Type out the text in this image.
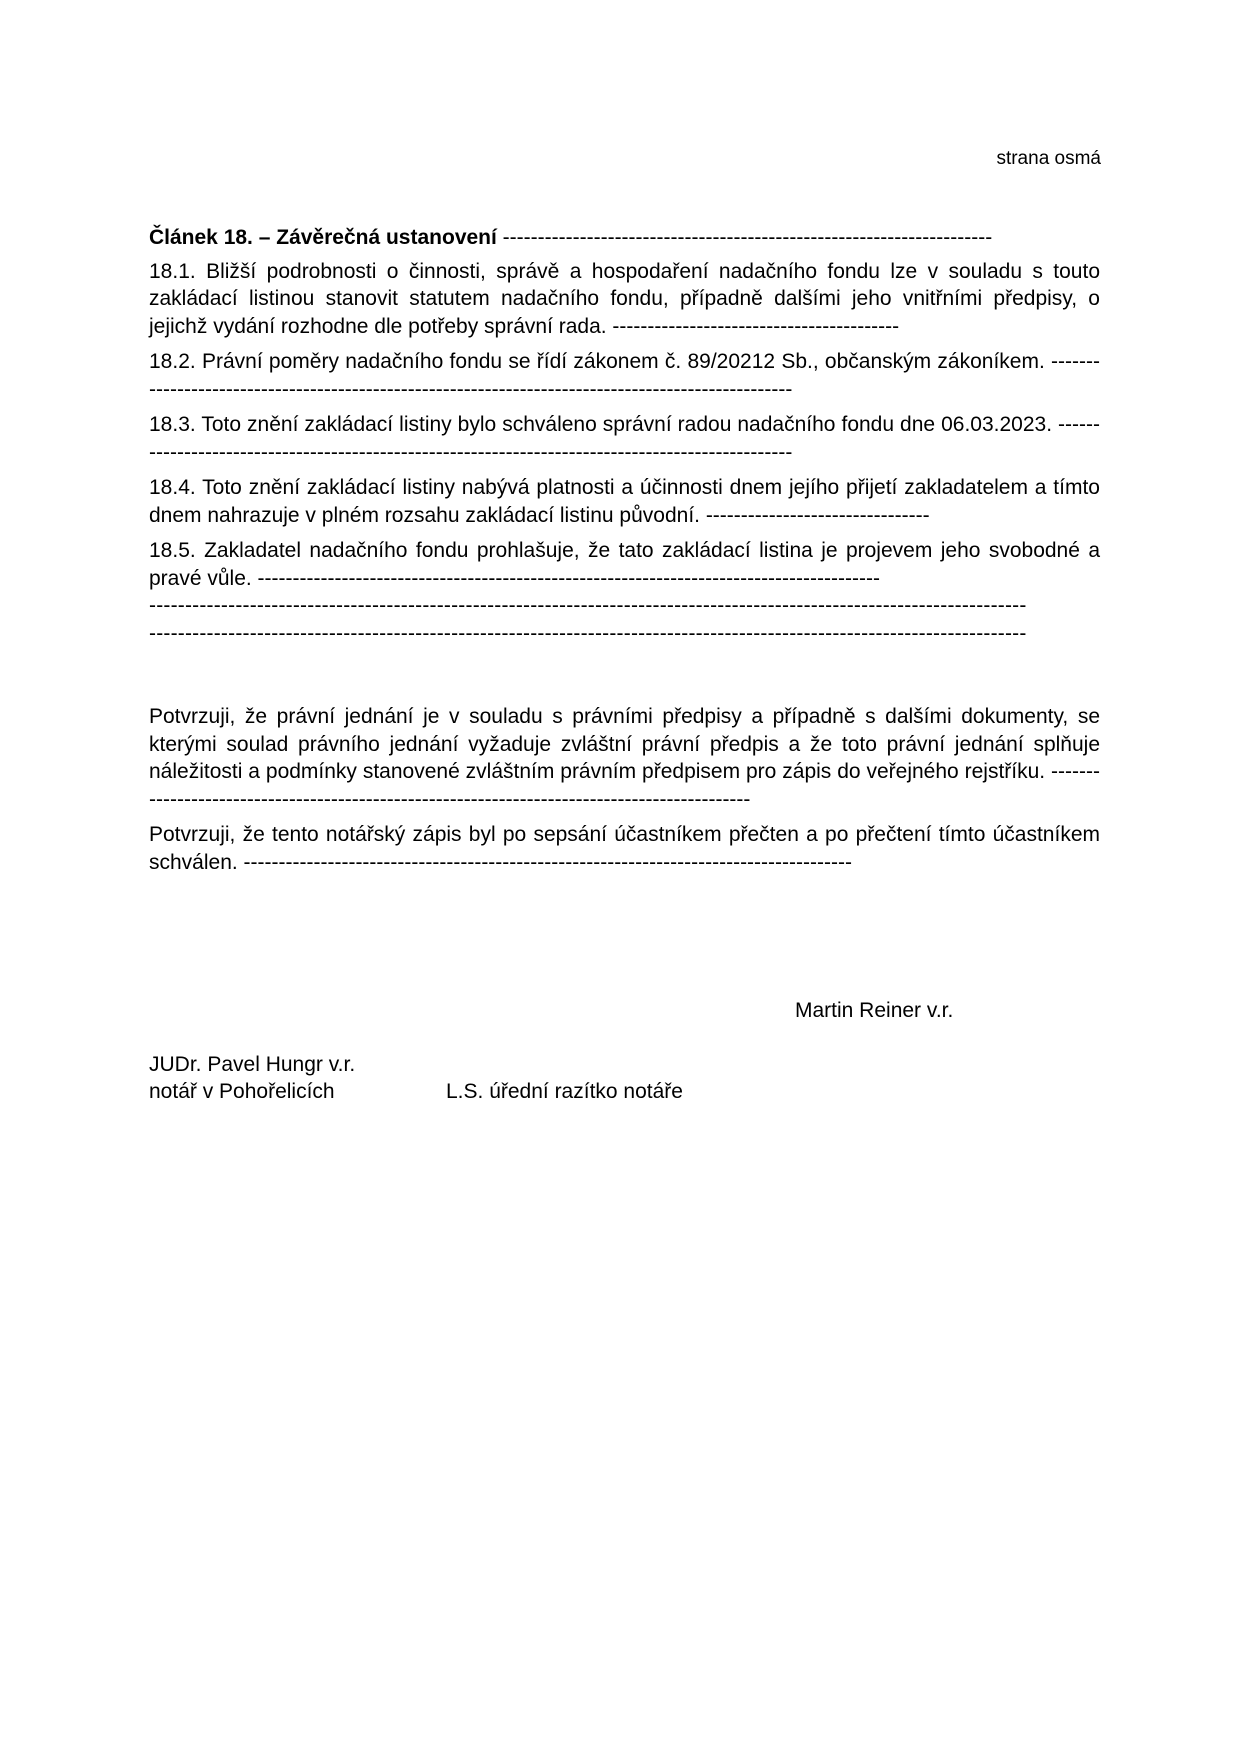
strana osmá

Článek 18. – Závěrečná ustanovení ----------------------------------------------------------------------

18.1. Bližší podrobnosti o činnosti, správě a hospodaření nadačního fondu lze v souladu s touto zakládací listinou stanovit statutem nadačního fondu, případně dalšími jeho vnitřními předpisy, o jejichž vydání rozhodne dle potřeby správní rada. -----------------------------------------

18.2. Právní poměry nadačního fondu se řídí zákonem č. 89/20212 Sb., občanským zákoníkem. ---------------------------------------------------------------------------------------------------

18.3. Toto znění zakládací listiny bylo schváleno správní radou nadačního fondu dne 06.03.2023. --------------------------------------------------------------------------------------------------

18.4. Toto znění zakládací listiny nabývá platnosti a účinnosti dnem jejího přijetí zakladatelem a tímto dnem nahrazuje v plném rozsahu zakládací listinu původní. --------------------------------

18.5. Zakladatel nadačního fondu prohlašuje, že tato zakládací listina je projevem jeho svobodné a pravé vůle. -----------------------------------------------------------------------------------------

--------------------------------------------------------------------------------------------------------------------------

--------------------------------------------------------------------------------------------------------------------------

Potvrzuji, že právní jednání je v souladu s právními předpisy a případně s dalšími dokumenty, se kterými soulad právního jednání vyžaduje zvláštní právní předpis a že toto právní jednání splňuje náležitosti a podmínky stanovené zvláštním právním předpisem pro zápis do veřejného rejstříku. ---------------------------------------------------------------------------------------------

Potvrzuji, že tento notářský zápis byl po sepsání účastníkem přečten a po přečtení tímto účastníkem schválen. ---------------------------------------------------------------------------------------

Martin Reiner v.r.
JUDr. Pavel Hungr v.r.
notář v Pohořelicích	L.S. úřední razítko notáře
